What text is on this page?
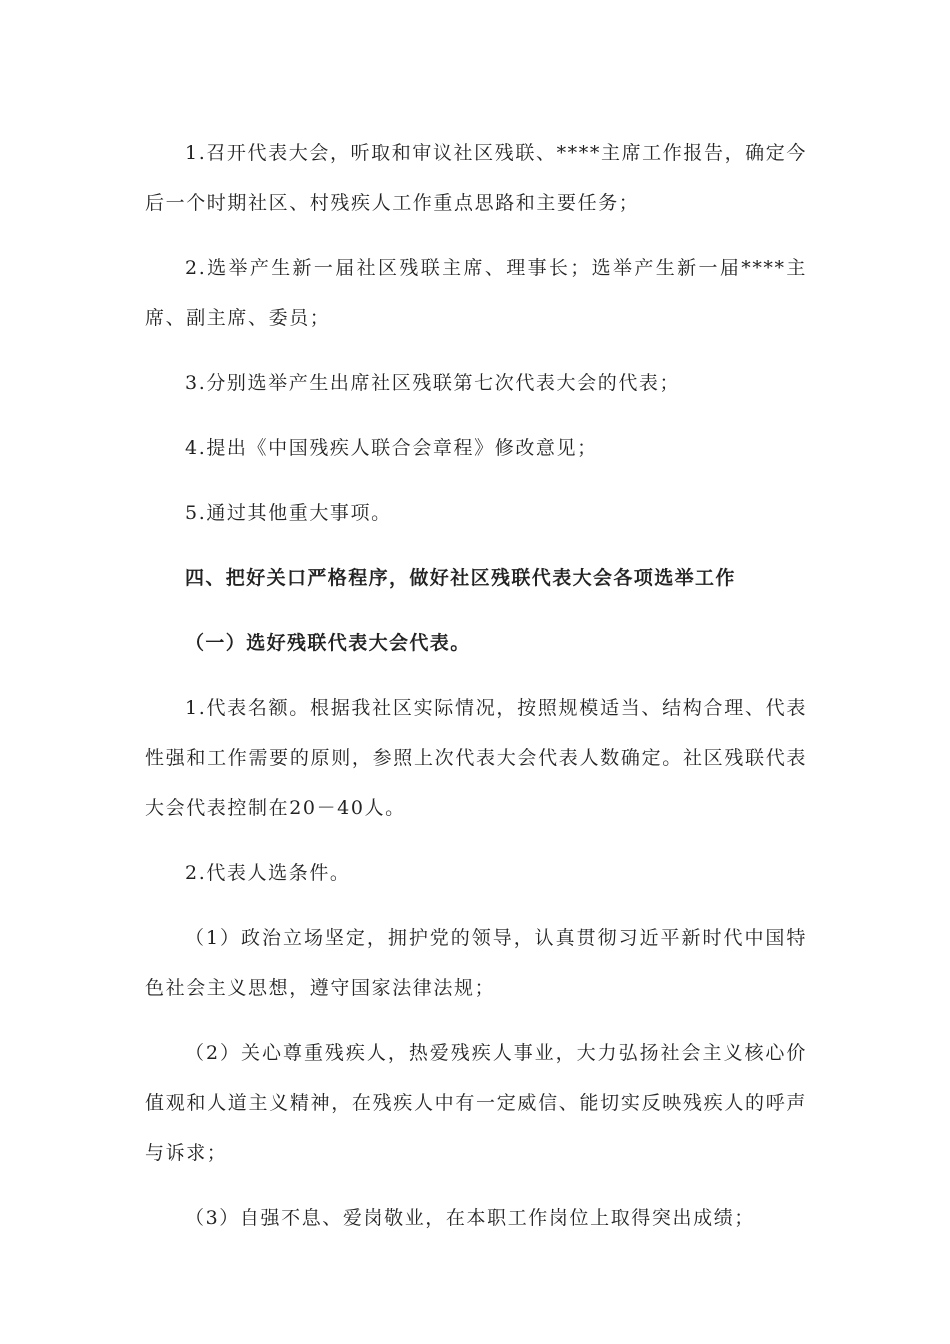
1.召开代表大会，听取和审议社区残联、****主席工作报告，确定今后一个时期社区、村残疾人工作重点思路和主要任务；

2.选举产生新一届社区残联主席、理事长；选举产生新一届****主席、副主席、委员；

3.分别选举产生出席社区残联第七次代表大会的代表；

4.提出《中国残疾人联合会章程》修改意见；

5.通过其他重大事项。

四、把好关口严格程序，做好社区残联代表大会各项选举工作

（一）选好残联代表大会代表。

1.代表名额。根据我社区实际情况，按照规模适当、结构合理、代表性强和工作需要的原则，参照上次代表大会代表人数确定。社区残联代表大会代表控制在20－40人。

2.代表人选条件。

（1）政治立场坚定，拥护党的领导，认真贯彻习近平新时代中国特色社会主义思想，遵守国家法律法规；

（2）关心尊重残疾人，热爱残疾人事业，大力弘扬社会主义核心价值观和人道主义精神，在残疾人中有一定威信、能切实反映残疾人的呼声与诉求；

（3）自强不息、爱岗敬业，在本职工作岗位上取得突出成绩；
